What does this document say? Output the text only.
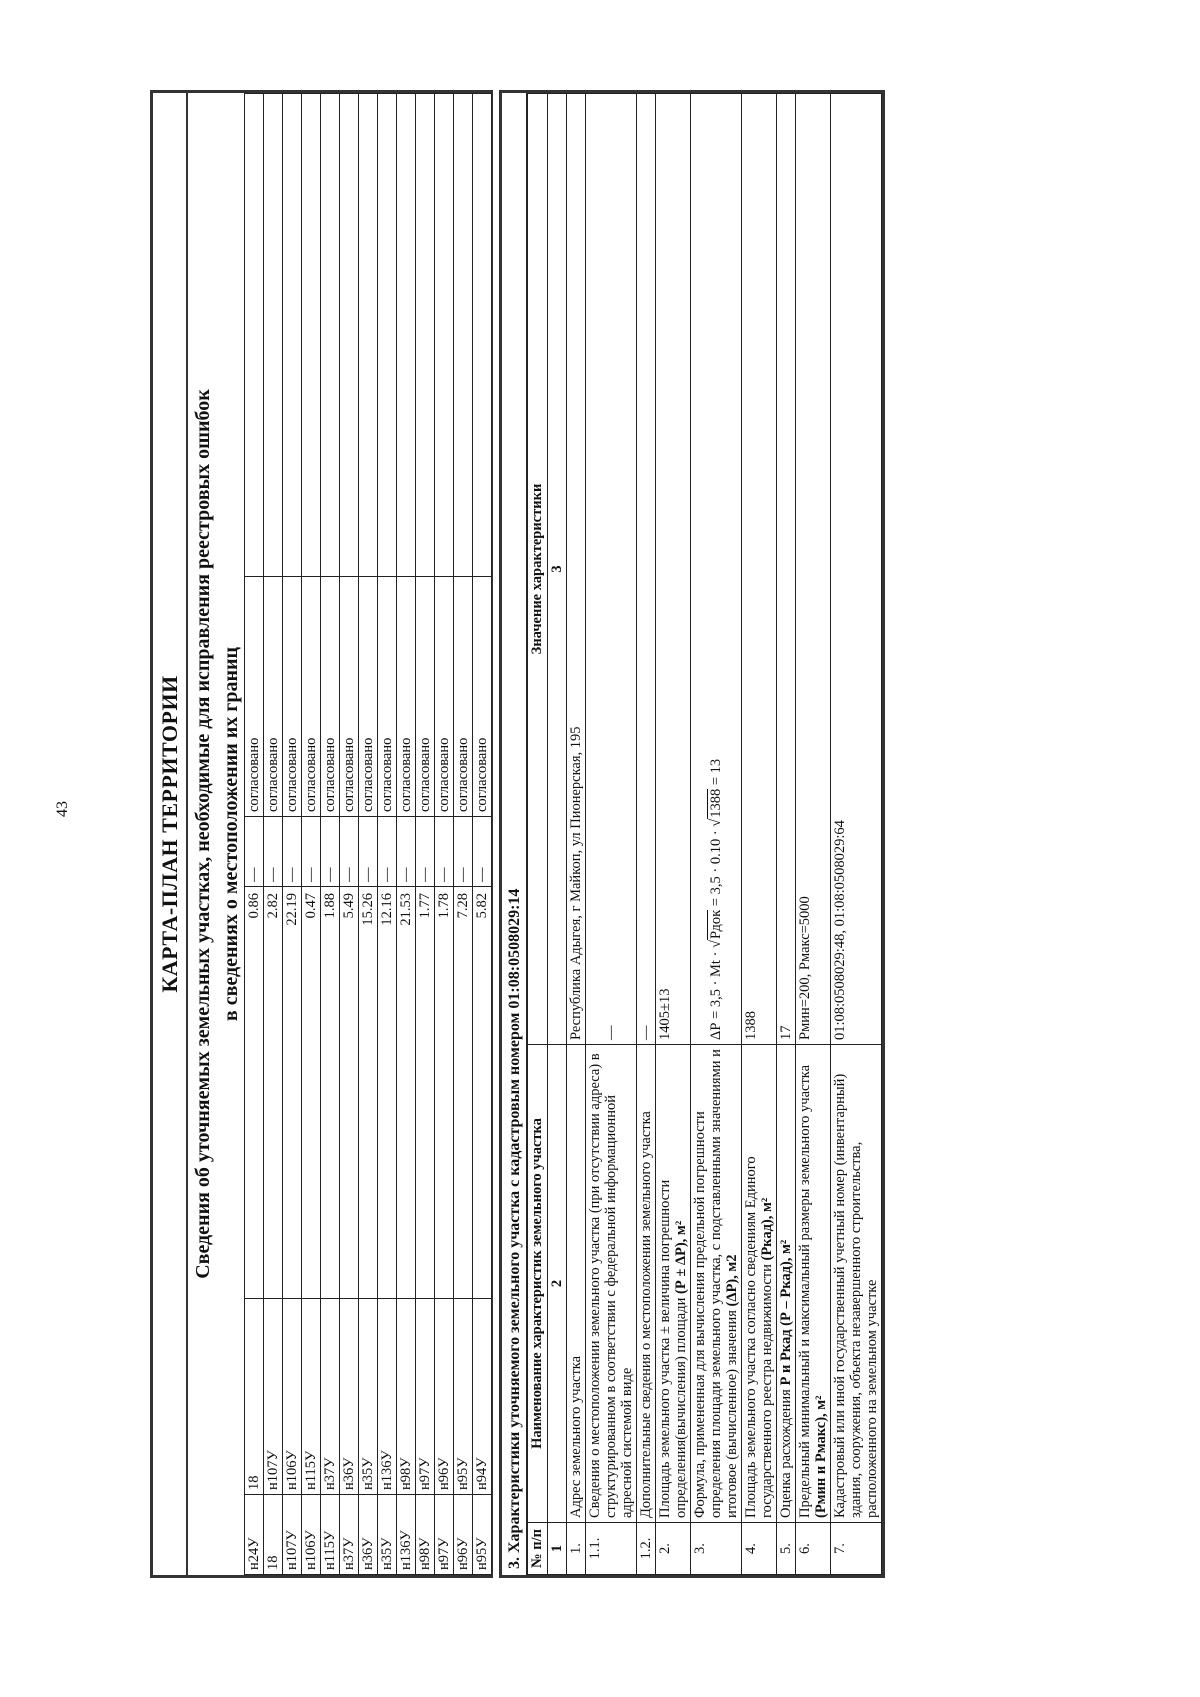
43	КАРТА-ПЛАН ТЕРРИТОРИИ Сведения об уточняемых земельных участках, необходимые для исправления реестровых ошибок в сведениях о местоположении их границ
н24У	18	0.86	—	согласовано	
18	н107У	2.82	—	согласовано	
н107У	н106У	22.19	—	согласовано	
н106У	н115У	0.47	—	согласовано	
н115У	н37У	1.88	—	согласовано	
н37У	н36У	5.49	—	согласовано	
н36У	н35У	15.26	—	согласовано	
н35У	н136У	12.16	—	согласовано	
н136У	н98У	21.53	—	согласовано	
н98У	н97У	1.77	—	согласовано	
н97У	н96У	1.78	—	согласовано	
н96У	н95У	7.28	—	согласовано	
н95У	н94У	5.82	—	согласовано	
3. Характеристики уточняемого земельного участка с кадастровым номером 01:08:0508029:14 № п/п	Наименование характеристик земельного участка	Значение характеристики
1	2	3
1.	Адрес земельного участка	Республика Адыгея, г Майкоп, ул Пионерская, 195
1.1.	Сведения о местоположении земельного участка (при отсутствии адреса) в структурированном в соответствии с федеральной информационной адресной системой виде	—
1.2.	Дополнительные сведения о местоположении земельного участка	—
2.	Площадь земельного участка ± величина погрешности определения(вычисления) площади (Р ± ΔР), м²	1405±13
3.	Формула, примененная для вычисления предельной погрешности определения площади земельного участка, с подставленными значениями и итоговое (вычисленное) значения (ΔР), м2	ΔР = 3,5 · Mt · √Рдок = 3,5 · 0.10 · √1388 = 13
4.	Площадь земельного участка согласно сведениям Единого государственного реестра недвижимости (Ркад), м²	1388
5.	Оценка расхождения Р и Ркад (Р – Ркад), м²	17
6.	Предельный минимальный и максимальный размеры земельного участка (Рмин и Рмакс), м²	Рмин=200, Рмакс=5000
7.	Кадастровый или иной государственный учетный номер (инвентарный) здания, сооружения, объекта незавершенного строительства, расположенного на земельном участке	01:08:0508029:48, 01:08:0508029:64
